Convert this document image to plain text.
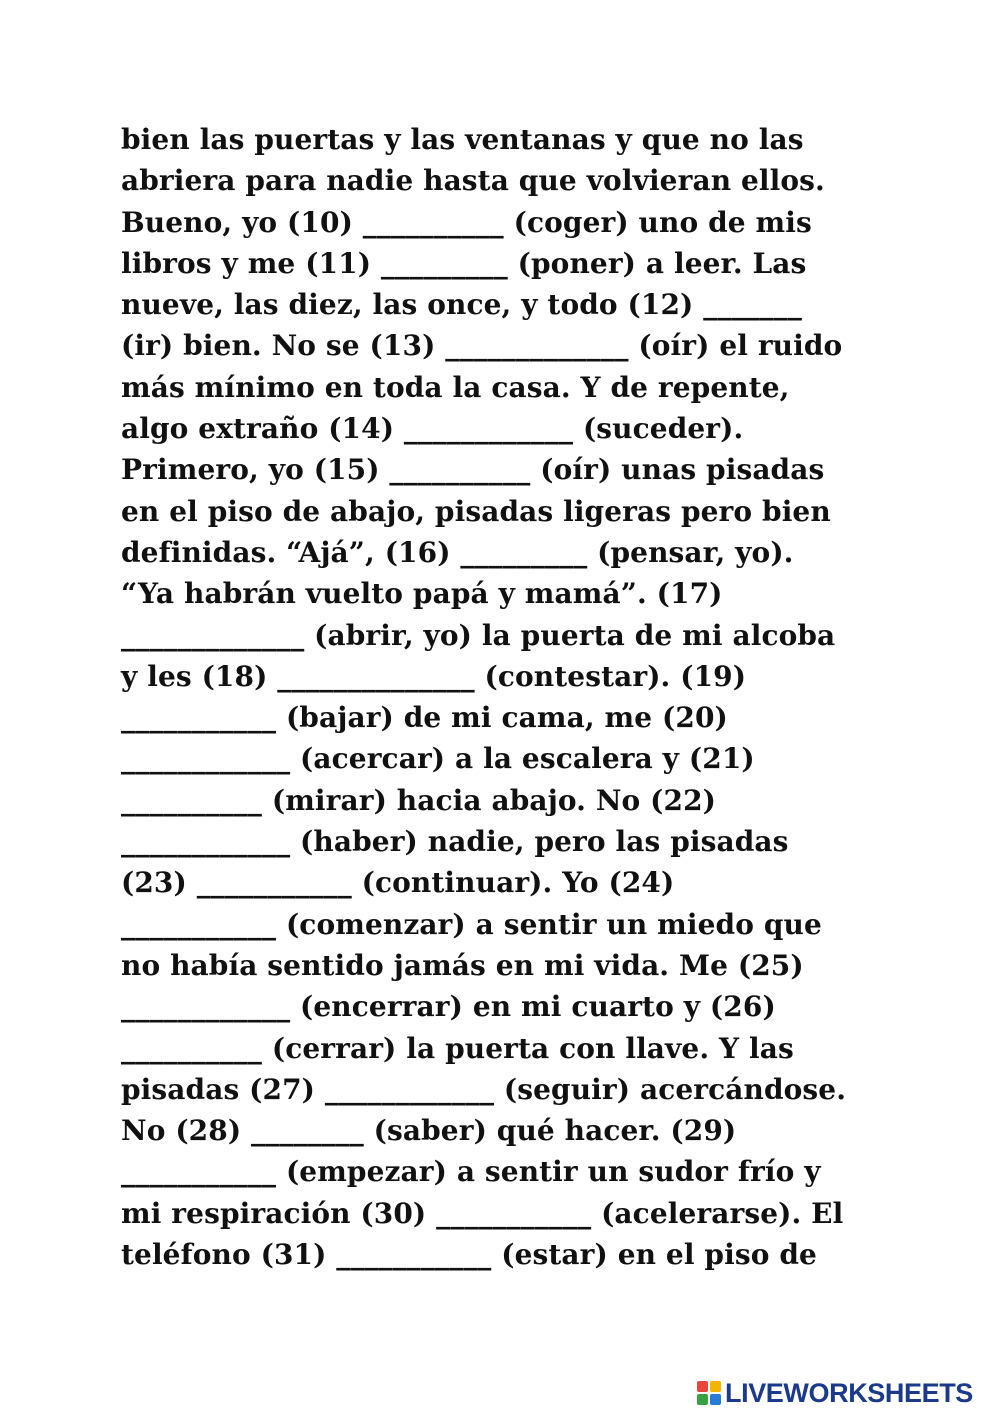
bien las puertas y las ventanas y que no las
abriera para nadie hasta que volvieran ellos.
Bueno, yo (10) __________ (coger) uno de mis
libros y me (11) _________ (poner) a leer. Las
nueve, las diez, las once, y todo (12) _______
(ir) bien. No se (13) _____________ (oír) el ruido
más mínimo en toda la casa. Y de repente,
algo extraño (14) ____________ (suceder).
Primero, yo (15) __________ (oír) unas pisadas
en el piso de abajo, pisadas ligeras pero bien
definidas. “Ajá”, (16) _________ (pensar, yo).
“Ya habrán vuelto papá y mamá”. (17)
_____________ (abrir, yo) la puerta de mi alcoba
y les (18) ______________ (contestar). (19)
___________ (bajar) de mi cama, me (20)
____________ (acercar) a la escalera y (21)
__________ (mirar) hacia abajo. No (22)
____________ (haber) nadie, pero las pisadas
(23) ___________ (continuar). Yo (24)
___________ (comenzar) a sentir un miedo que
no había sentido jamás en mi vida. Me (25)
____________ (encerrar) en mi cuarto y (26)
__________ (cerrar) la puerta con llave. Y las
pisadas (27) ____________ (seguir) acercándose.
No (28) ________ (saber) qué hacer. (29)
___________ (empezar) a sentir un sudor frío y
mi respiración (30) ___________ (acelerarse). El
teléfono (31) ___________ (estar) en el piso de
LIVEWORKSHEETS
